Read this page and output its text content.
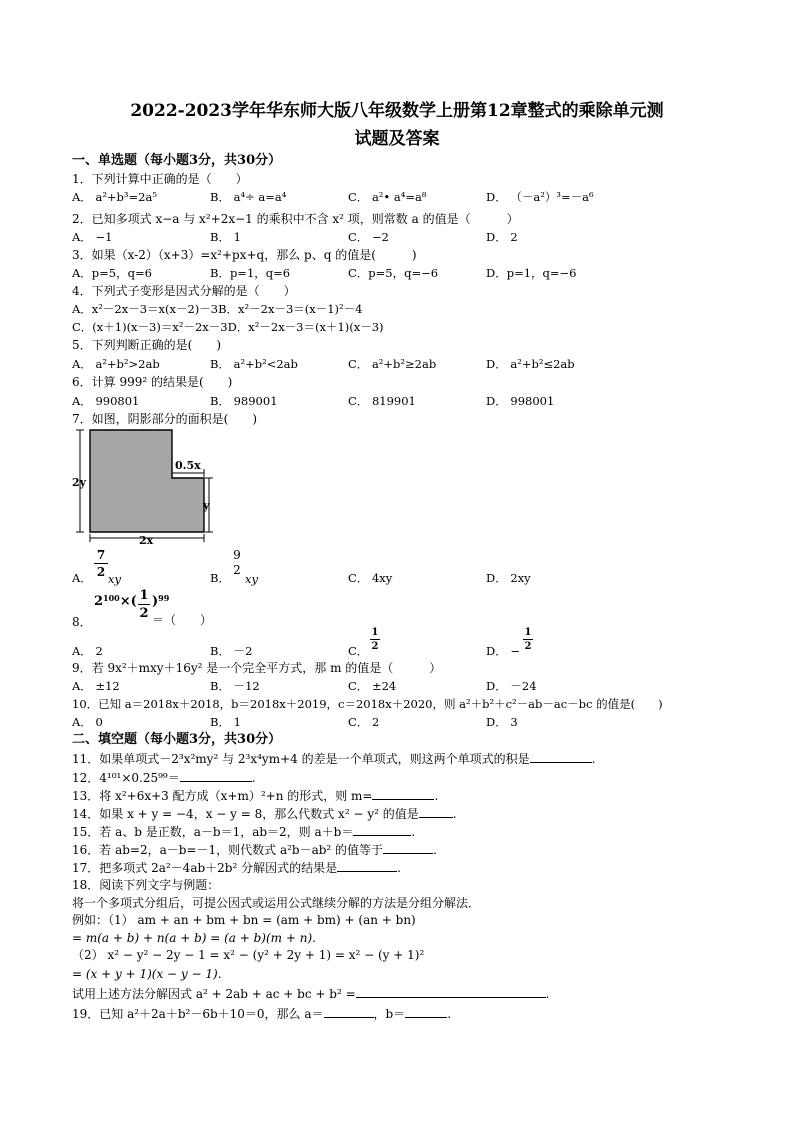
2022-2023学年华东师大版八年级数学上册第12章整式的乘除单元测
试题及答案
一、单选题（每小题3分，共30分）
1．下列计算中正确的是（　　）
A． a²+b³=2a⁵	B． a⁴÷ a=a⁴	C． a²• a⁴=a⁸	D． （－a²）³=－a⁶
2．已知多项式 x−a 与 x²+2x−1 的乘积中不含 x² 项，则常数 a 的值是（　　　）
A． −1	B． 1	C． −2	D． 2
3．如果（x-2）（x+3）=x²+px+q，那么 p、q 的值是(　　　)
A．p=5，q=6	B．p=1，q=6	C．p=5，q=−6	D．p=1，q=−6
4．下列式子变形是因式分解的是（　　）
A．x²－2x－3＝x(x－2)－3B．x²－2x－3＝(x－1)²－4
C．(x＋1)(x－3)＝x²－2x－3D．x²－2x－3＝(x＋1)(x－3)
5．下列判断正确的是(　　)
A． a²+b²>2ab	B． a²+b²<2ab	C． a²+b²≥2ab	D． a²+b²≤2ab
6．计算 999² 的结果是(　　)
A． 990801	B． 989001	C． 819901	D． 998001
7．如图，阴影部分的面积是(　　)
2y
0.5x
y
2x
A．
7
2 xy	B．
9
2
xy	C． 4xy	D． 2xy
$2^{100}\times$( 1
2
)$^{99}$
8．	＝（　　）
A． 2	B． －2	C．
1
2	D． −
1
2
9．若 9x²＋mxy＋16y² 是一个完全平方式，那 m 的值是（　　　）
A． ±12	B． －12	C． ±24	D． －24
10．已知 a＝2018x＋2018，b＝2018x＋2019，c＝2018x＋2020，则 a²＋b²＋c²－ab－ac－bc 的值是(　　)
A． 0	B． 1	C． 2	D． 3
二、填空题（每小题3分，共30分）
11．如果单项式－2³x²my² 与 2³x⁴ym+4 的差是一个单项式，则这两个单项式的积是	.
12．4¹⁰¹×0.25⁹⁹＝	.
13．将 x²+6x+3 配方成（x+m）²+n 的形式，则 m=	.
14．如果 x + y = −4，x − y = 8，那么代数式 x² − y² 的值是	.
15．若 a、b 是正数，a－b＝1，ab＝2，则 a＋b＝	.
16．若 ab=2，a－b=－1，则代数式 a²b－ab² 的值等于	.
17．把多项式 2a²－4ab＋2b² 分解因式的结果是	.
18．阅读下列文字与例题：
将一个多项式分组后，可提公因式或运用公式继续分解的方法是分组分解法．
例如：（1） am + an + bm + bn = (am + bm) + (an + bn)
= m(a + b) + n(a + b) = (a + b)(m + n).
（2） x² − y² − 2y − 1 = x² − (y² + 2y + 1) = x² − (y + 1)²
= (x + y + 1)(x − y − 1).
试用上述方法分解因式 a² + 2ab + ac + bc + b² =	.
19．已知 a²＋2a＋b²－6b＋10＝0，那么 a＝	，b＝	.
